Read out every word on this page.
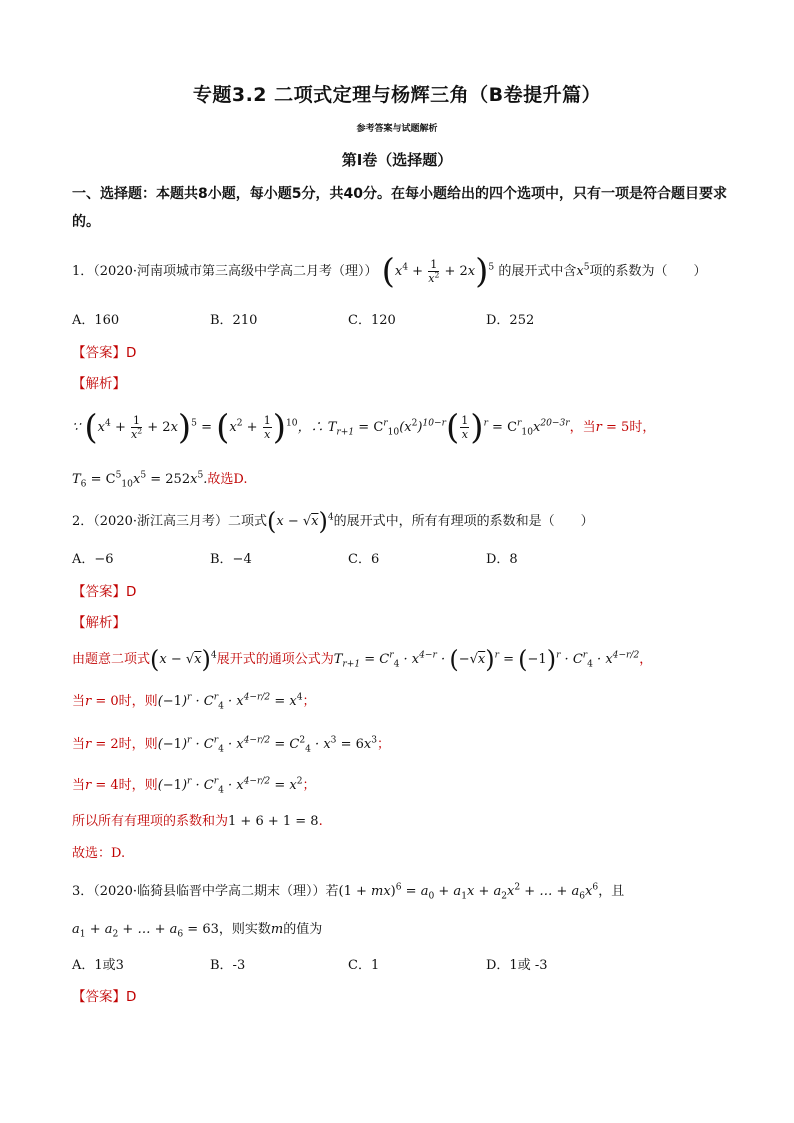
专题3.2 二项式定理与杨辉三角（B卷提升篇）
参考答案与试题解析
第Ⅰ卷（选择题）
一、选择题：本题共8小题，每小题5分，共40分。在每小题给出的四个选项中，只有一项是符合题目要求的。
1．（2020·河南项城市第三高级中学高二月考（理）） $(x^4 + \frac{1}{x^2} + 2x)^5$ 的展开式中含$x^5$项的系数为（　　）
A．160	B．210	C．120	D．252
【答案】D
【解析】
∵ $(x^4 + \frac{1}{x^2} + 2x)^5 = (x^2 + \frac{1}{x} )^{10}$，∴ $T_{r+1} = C^r_{10}(x^2)^{10-r}( \frac{1}{x} )^r = C^r_{10}x^{20-3r}$，当r = 5时，
$T_6 = C^5_{10}x^5 = 252x^5$.故选D.
2．（2020·浙江高三月考）二项式$(x - √x)^4$的展开式中，所有有理项的系数和是（　　）
A．−6	B．−4	C．6	D．8
【答案】D
【解析】
由题意二项式$(x - √x)^4$展开式的通项公式为$T_{r+1} = C^r_4 \cdot x^{4-r} \cdot (-√x)^r = (-1)^r \cdot C^r_4 \cdot x^{4-r/2}$，
当r = 0时，则$(-1)^r \cdot C^r_4 \cdot x^{4-r/2} = x^4$；
当r = 2时，则$(-1)^r \cdot C^r_4 \cdot x^{4-r/2} = C^2_4 \cdot x^3 = 6x^3$；
当r = 4时，则$(-1)^r \cdot C^r_4 \cdot x^{4-r/2} = x^2$；
所以所有有理项的系数和为1 + 6 + 1 = 8.
故选：D.
3．（2020·临猗县临晋中学高二期末（理））若$(1 + mx)^6 = a_0 + a_1x + a_2x^2$ + … + $a_6x^6$，且
$a_1 + a_2$ + … + $a_6 = 63$，则实数m的值为
A．1或3	B．-3	C．1	D．1或 -3
【答案】D
